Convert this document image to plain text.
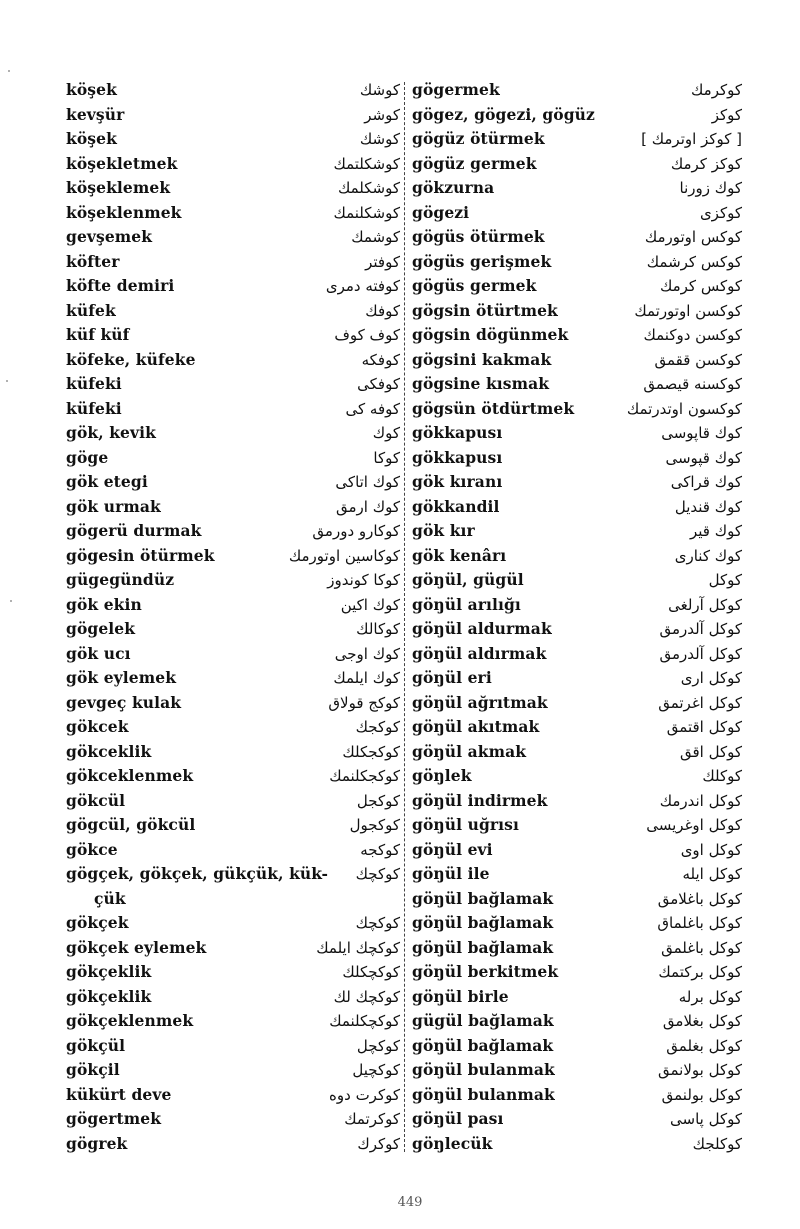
köşek	کوشك
kevşür	کوشر
köşek	کوشك
köşekletmek	کوشکلتمك
köşeklemek	کوشکلمك
köşeklenmek	کوشکلنمك
gevşemek	کوشمك
köfter	کوفتر
köfte demiri	کوفته دمری
küfek	کوفك
küf küf	کوف کوف
köfeke, küfeke	کوفکه
küfeki	کوفکی
küfeki	کوفه کی
gök, kevik	کوك
göge	کوکا
gök etegi	کوك اتاکی
gök urmak	کوك ارمق
gögerü durmak	کوکارو دورمق
gögesin ötürmek	کوکاسین اوتورمك
gügegündüz	کوکا کوندوز
gök ekin	کوك اکین
gögelek	کوکالك
gök ucı	کوك اوجی
gök eylemek	کوك ایلمك
gevgeç kulak	کوکج قولاق
gökcek	کوکجك
gökceklik	کوکجکلك
gökceklenmek	کوکجکلنمك
gökcül	کوکجل
gögcül, gökcül	کوکجول
gökce	کوکجه
gögçek, gökçek, gükçük, kük- کوکچك
çük
gökçek	کوکچك
gökçek eylemek	کوکچك ایلمك
gökçeklik	کوکچکلك
gökçeklik	کوکچك لك
gökçeklenmek	کوکچکلنمك
gökçül	کوکچل
gökçil	کوکچیل
kükürt deve	کوکرت دوه
gögertmek	کوکرتمك
gögrek	کوکرك
gögermek	کوکرمك
gögez, gögezi, gögüz	کوکز
gögüz ötürmek	[ کوکز اوترمك ]
gögüz germek	کوکز کرمك
gökzurna	کوك زورنا
gögezi	کوکزی
gögüs ötürmek	کوکس اوتورمك
gögüs gerişmek	کوکس کرشمك
gögüs germek	کوکس کرمك
gögsin ötürtmek	کوکسن اوتورتمك
gögsin dögünmek	کوکسن دوکنمك
gögsini kakmak	کوکسن ققمق
gögsine kısmak	کوکسنه قیصمق
gögsün ötdürtmek	کوکسون اوتدرتمك
gökkapusı	کوك قاپوسی
gökkapusı	کوك قپوسی
gök kıranı	کوك قراکی
gökkandil	کوك قندیل
gök kır	کوك قیر
gök kenârı	کوك کناری
göŋül, gügül	کوکل
göŋül arılığı	کوکل آرلغی
göŋül aldurmak	کوکل آلدرمق
göŋül aldırmak	کوکل آلدرمق
göŋül eri	کوکل اری
göŋül ağrıtmak	کوکل اغرتمق
göŋül akıtmak	کوکل اقتمق
göŋül akmak	کوکل اقق
göŋlek	کوکلك
göŋül indirmek	کوکل اندرمك
göŋül uğrısı	کوکل اوغریسی
göŋül evi	کوکل اوی
göŋül ile	کوکل ایله
göŋül bağlamak	کوکل باغلامق
göŋül bağlamak	کوکل باغلماق
göŋül bağlamak	کوکل باغلمق
göŋül berkitmek	کوکل برکتمك
göŋül birle	کوکل برله
gügül bağlamak	کوکل بغلامق
göŋül bağlamak	کوکل بغلمق
göŋül bulanmak	کوکل بولانمق
göŋül bulanmak	کوکل بولنمق
göŋül pası	کوکل پاسی
göŋlecük	کوکلجك
449
